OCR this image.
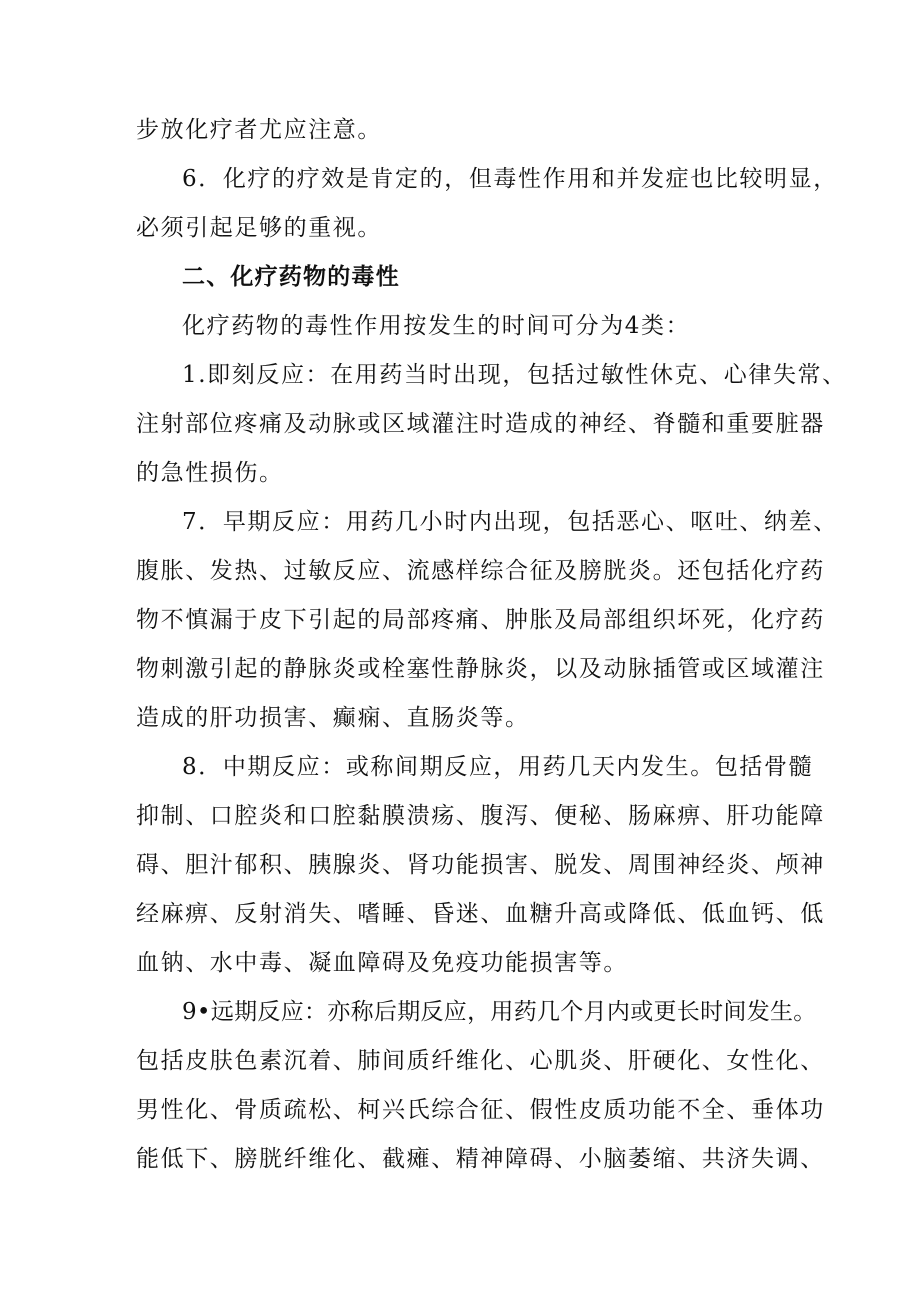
步放化疗者尤应注意。
6．化疗的疗效是肯定的，但毒性作用和并发症也比较明显，
必须引起足够的重视。
二、化疗药物的毒性
化疗药物的毒性作用按发生的时间可分为4类：
1.即刻反应：在用药当时出现，包括过敏性休克、心律失常、
注射部位疼痛及动脉或区域灌注时造成的神经、脊髓和重要脏器
的急性损伤。
7．早期反应：用药几小时内出现，包括恶心、呕吐、纳差、
腹胀、发热、过敏反应、流感样综合征及膀胱炎。还包括化疗药
物不慎漏于皮下引起的局部疼痛、肿胀及局部组织坏死，化疗药
物刺激引起的静脉炎或栓塞性静脉炎，以及动脉插管或区域灌注
造成的肝功损害、癫痫、直肠炎等。
8．中期反应：或称间期反应，用药几天内发生。包括骨髓
抑制、口腔炎和口腔黏膜溃疡、腹泻、便秘、肠麻痹、肝功能障
碍、胆汁郁积、胰腺炎、肾功能损害、脱发、周围神经炎、颅神
经麻痹、反射消失、嗜睡、昏迷、血糖升高或降低、低血钙、低
血钠、水中毒、凝血障碍及免疫功能损害等。
9•远期反应：亦称后期反应，用药几个月内或更长时间发生。
包括皮肤色素沉着、肺间质纤维化、心肌炎、肝硬化、女性化、
男性化、骨质疏松、柯兴氏综合征、假性皮质功能不全、垂体功
能低下、膀胱纤维化、截瘫、精神障碍、小脑萎缩、共济失调、
